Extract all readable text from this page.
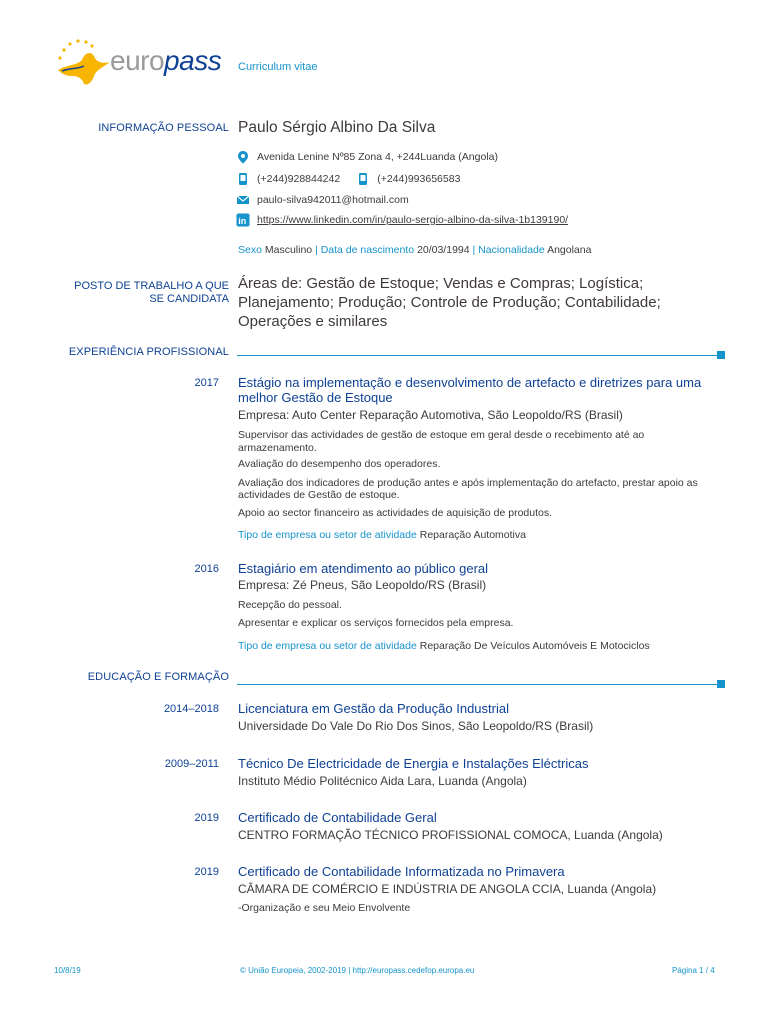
europass Curriculum vitae
INFORMAÇÃO PESSOAL Paulo Sérgio Albino Da Silva
Avenida Lenine Nº85 Zona 4, +244Luanda (Angola)
(+244)928844242	(+244)993656583
paulo-silva942011@hotmail.com
in https://www.linkedin.com/in/paulo-sergio-albino-da-silva-1b139190/
Sexo Masculino | Data de nascimento 20/03/1994 | Nacionalidade Angolana
POSTO DE TRABALHO A QUE
SE CANDIDATA
Áreas de: Gestão de Estoque; Vendas e Compras; Logística; Planejamento; Produção; Controle de Produção; Contabilidade; Operações e similares
EXPERIÊNCIA PROFISSIONAL
2017 Estágio na implementação e desenvolvimento de artefacto e diretrizes para uma melhor Gestão de Estoque
Empresa: Auto Center Reparação Automotiva, São Leopoldo/RS (Brasil)
Supervisor das actividades de gestão de estoque em geral desde o recebimento até ao armazenamento.
Avaliação do desempenho dos operadores.
Avaliação dos indicadores de produção antes e após implementação do artefacto, prestar apoio as actividades de Gestão de estoque.
Apoio ao sector financeiro as actividades de aquisição de produtos.
Tipo de empresa ou setor de atividade Reparação Automotiva
2016 Estagiário em atendimento ao público geral
Empresa: Zé Pneus, São Leopoldo/RS (Brasil)
Recepção do pessoal.
Apresentar e explicar os serviços fornecidos pela empresa.
Tipo de empresa ou setor de atividade Reparação De Veículos Automóveis E Motociclos
EDUCAÇÃO E FORMAÇÃO
2014–2018 Licenciatura em Gestão da Produção Industrial
Universidade Do Vale Do Rio Dos Sinos, São Leopoldo/RS (Brasil)
2009–2011 Técnico De Electricidade de Energia e Instalações Eléctricas
Instituto Médio Politécnico Aida Lara, Luanda (Angola)
2019 Certificado de Contabilidade Geral
CENTRO FORMAÇÃO TÉCNICO PROFISSIONAL COMOCA, Luanda (Angola)
2019 Certificado de Contabilidade Informatizada no Primavera
CÂMARA DE COMÉRCIO E INDÚSTRIA DE ANGOLA CCIA, Luanda (Angola)
-Organização e seu Meio Envolvente
10/8/19	© União Europeia, 2002-2019 | http://europass.cedefop.europa.eu	Página 1 / 4
